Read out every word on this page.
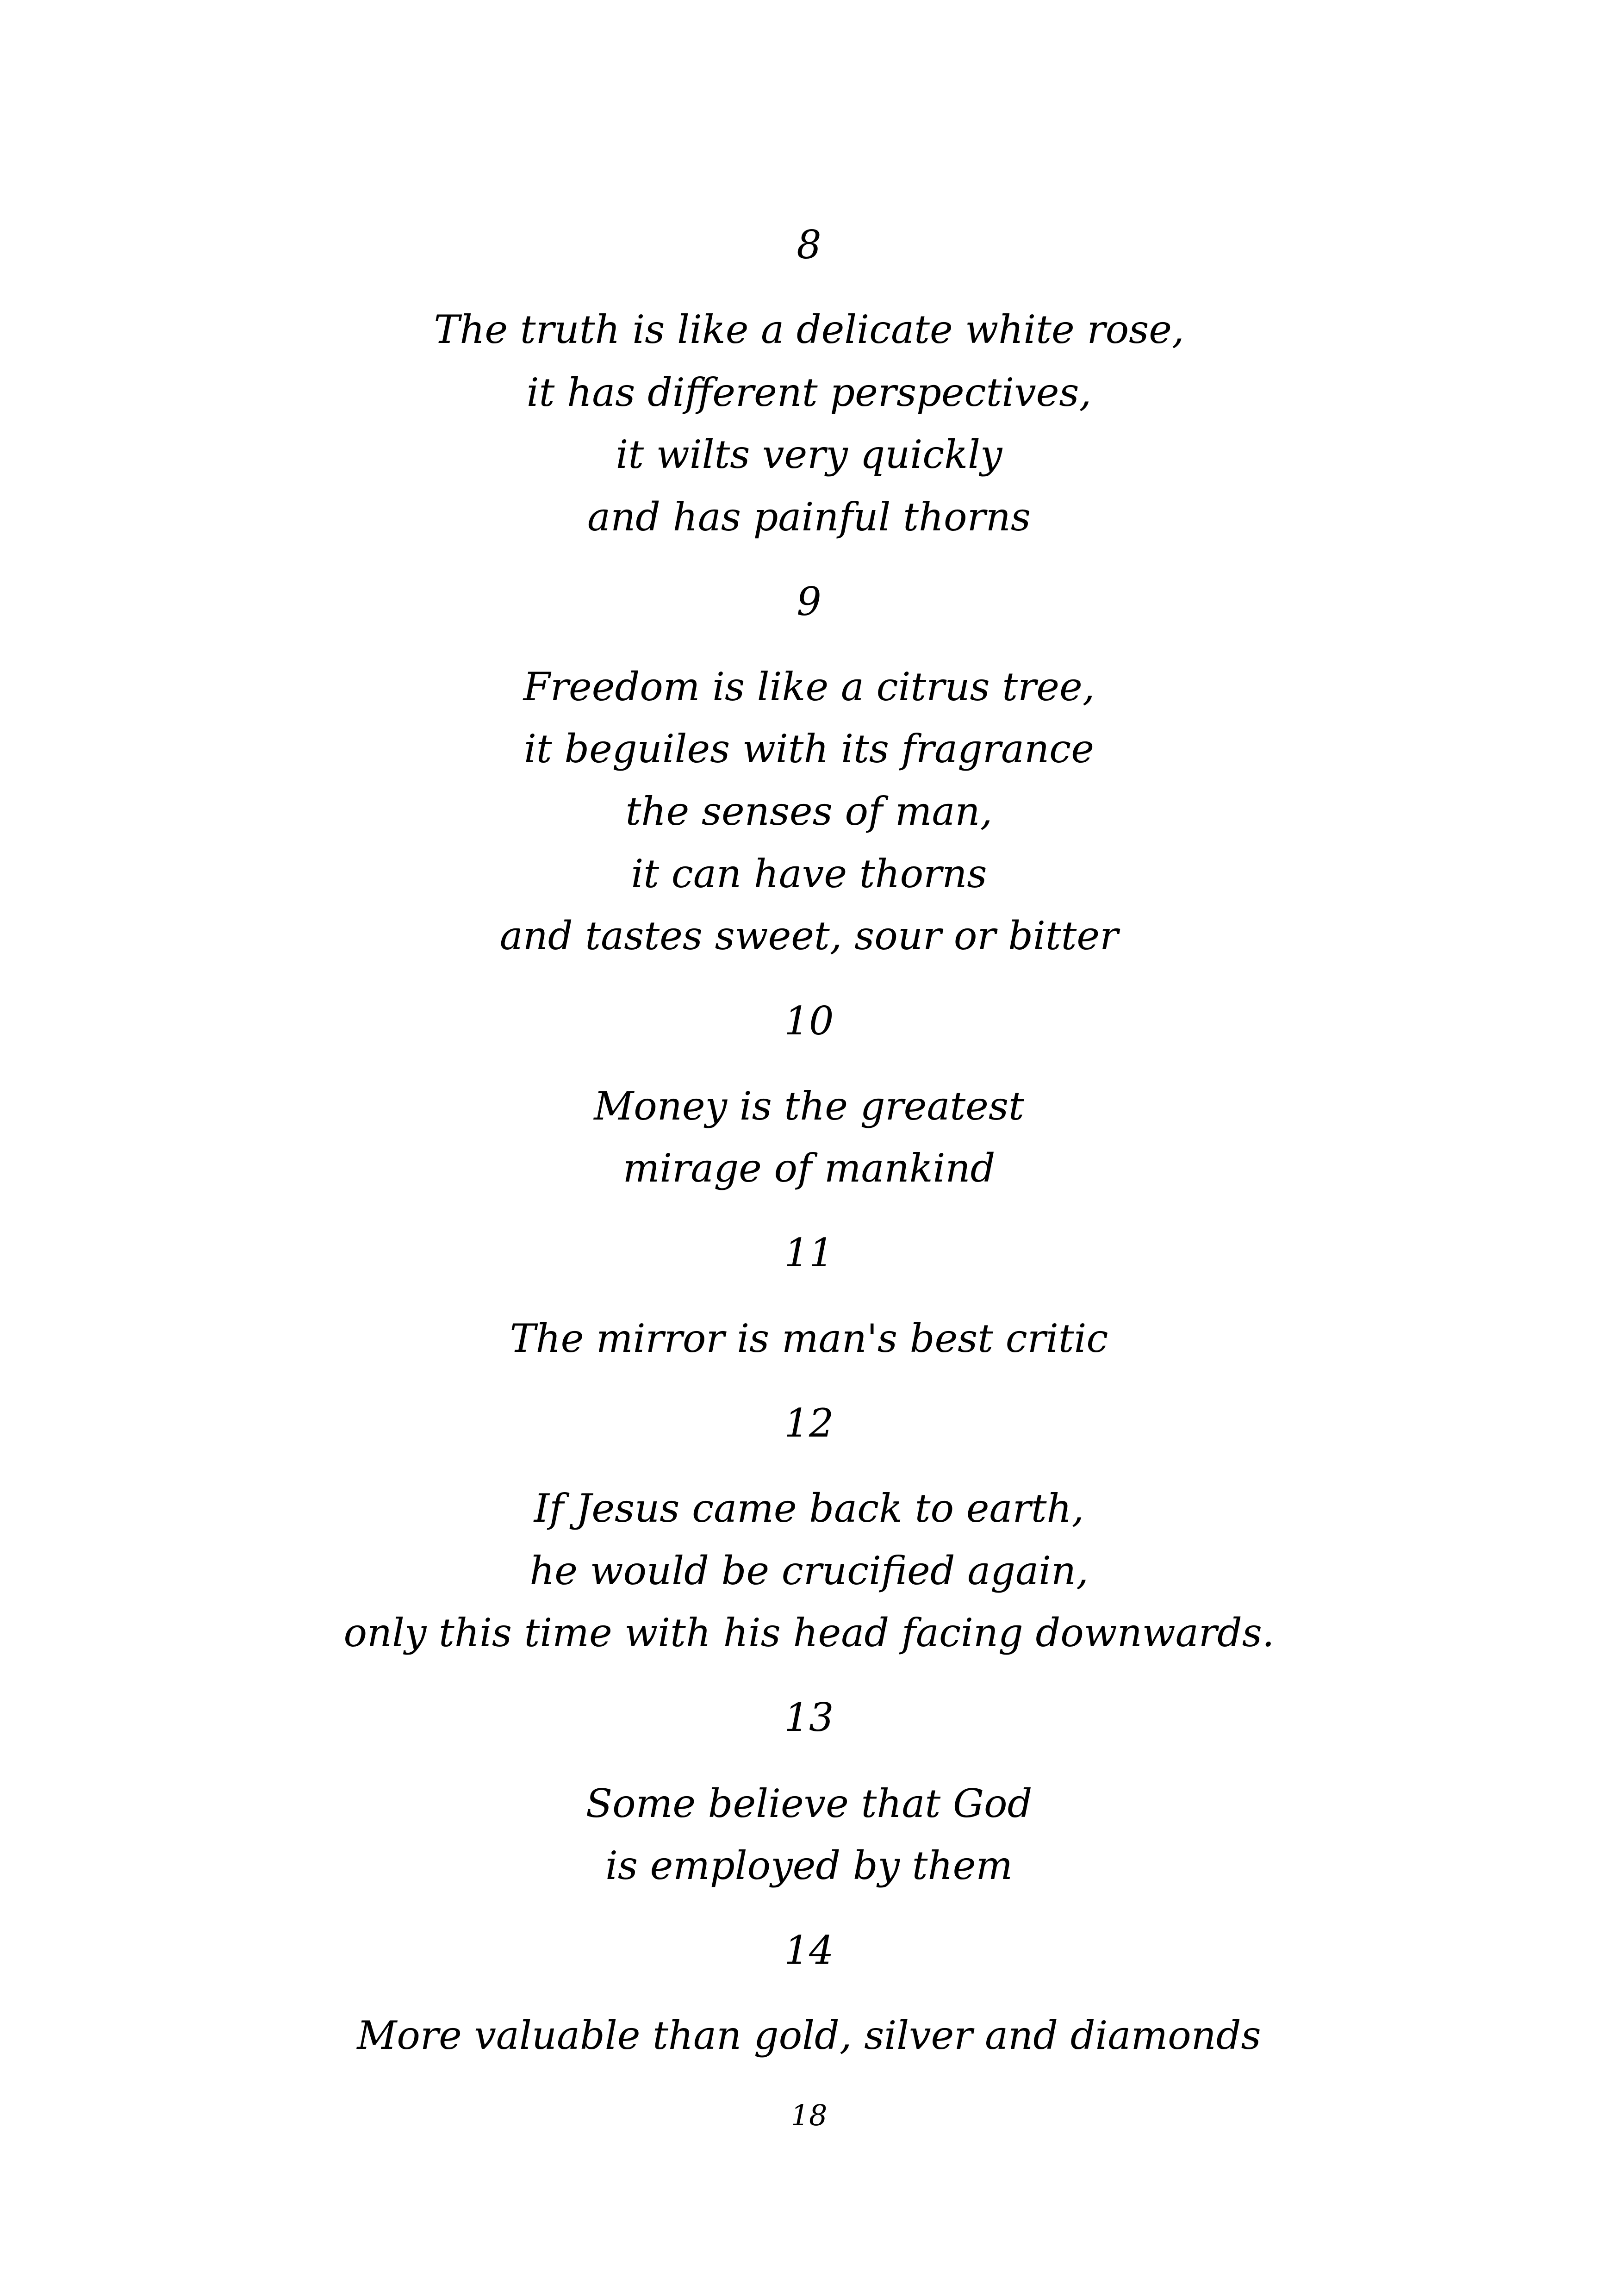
8
The truth is like a delicate white rose,
it has different perspectives,
it wilts very quickly
and has painful thorns
9
Freedom is like a citrus tree,
it beguiles with its fragrance
the senses of man,
it can have thorns
and tastes sweet, sour or bitter
10
Money is the greatest
mirage of mankind
11
The mirror is man's best critic
12
If Jesus came back to earth,
he would be crucified again,
only this time with his head facing downwards.
13
Some believe that God
is employed by them
14
More valuable than gold, silver and diamonds
18
